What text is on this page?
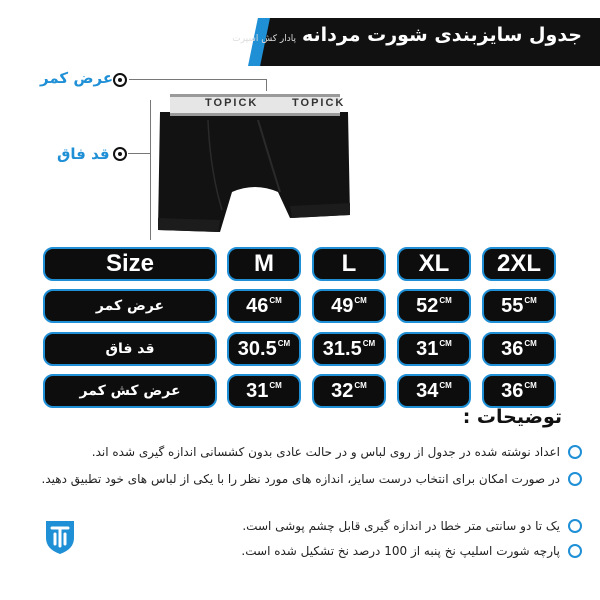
جدول سایزبندی شورت مردانه
پادار کش اسپرت
عرض کمر
قد فاق
TOPICK	TOPICK
Size	M	L	XL	2XL
عرض کمر	$46^{CM}$ $49^{CM}$ $52^{CM}$ $55^{CM}$
قد فاق	$30.5^{CM}$ $31.5^{CM}$ $31^{CM}$ $36^{CM}$
عرض کش کمر	$31^{CM}$ $32^{CM}$ $34^{CM}$ $36^{CM}$
توضیحات :
اعداد نوشته شده در جدول از روی لباس و در حالت عادی بدون کشسانی اندازه گیری شده اند.
در صورت امکان برای انتخاب درست سایز، اندازه های مورد نظر را با یکی از لباس های خود تطبیق دهید.
یک تا دو سانتی متر خطا در اندازه گیری قابل چشم پوشی است.
پارچه شورت اسلیپ نخ پنبه از 100 درصد نخ تشکیل شده است.
